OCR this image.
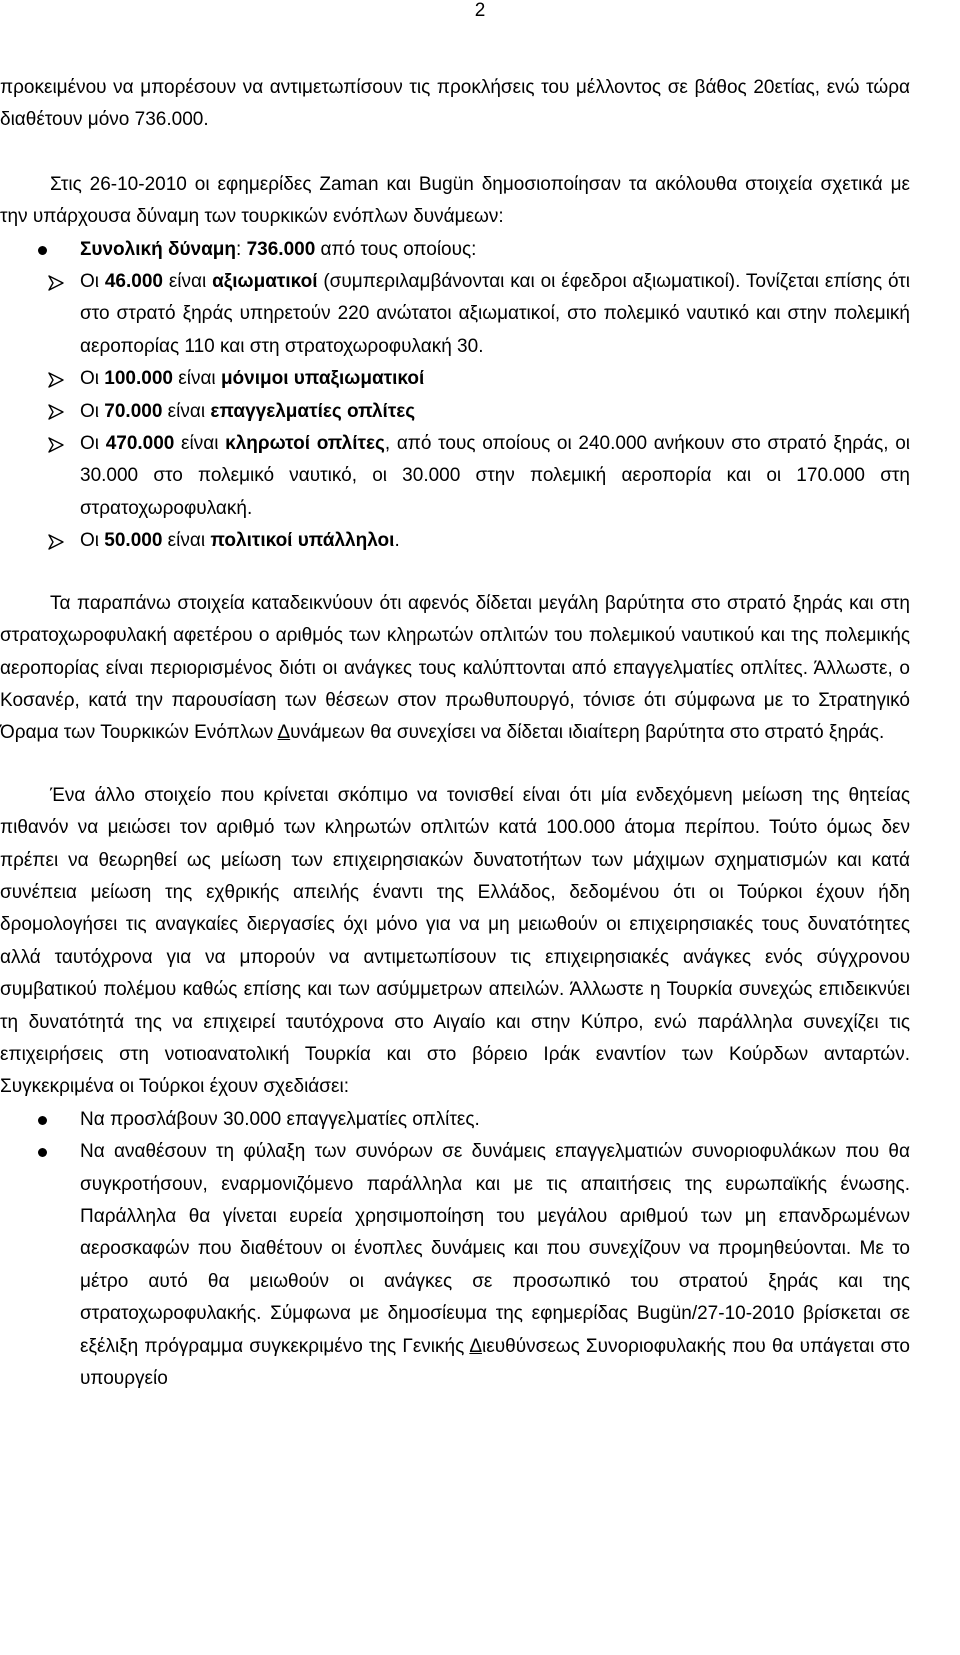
2

προκειμένου να μπορέσουν να αντιμετωπίσουν τις προκλήσεις του μέλλοντος σε βάθος 20ετίας, ενώ τώρα διαθέτουν μόνο 736.000.

Στις 26-10-2010 οι εφημερίδες Zaman και Bugün δημοσιοποίησαν τα ακόλουθα στοιχεία σχετικά με την υπάρχουσα δύναμη των τουρκικών ενόπλων δυνάμεων:

Συνολική δύναμη: 736.000 από τους οποίους:
Οι 46.000 είναι αξιωματικοί (συμπεριλαμβάνονται και οι έφεδροι αξιωματικοί). Τονίζεται επίσης ότι στο στρατό ξηράς υπηρετούν 220 ανώτατοι αξιωματικοί, στο πολεμικό ναυτικό και στην πολεμική αεροπορίας 110 και στη στρατοχωροφυλακή 30.
Οι 100.000 είναι μόνιμοι υπαξιωματικοί
Οι 70.000 είναι επαγγελματίες οπλίτες
Οι 470.000 είναι κληρωτοί οπλίτες, από τους οποίους οι 240.000 ανήκουν στο στρατό ξηράς, οι 30.000 στο πολεμικό ναυτικό, οι 30.000 στην πολεμική αεροπορία και οι 170.000 στη στρατοχωροφυλακή.
Οι 50.000 είναι πολιτικοί υπάλληλοι.

Τα παραπάνω στοιχεία καταδεικνύουν ότι αφενός δίδεται μεγάλη βαρύτητα στο στρατό ξηράς και στη στρατοχωροφυλακή αφετέρου ο αριθμός των κληρωτών οπλιτών του πολεμικού ναυτικού και της πολεμικής αεροπορίας είναι περιορισμένος διότι οι ανάγκες τους καλύπτονται από επαγγελματίες οπλίτες. Άλλωστε, ο Κοσανέρ, κατά την παρουσίαση των θέσεων στον πρωθυπουργό, τόνισε ότι σύμφωνα με το Στρατηγικό Όραμα των Τουρκικών Ενόπλων Δυνάμεων θα συνεχίσει να δίδεται ιδιαίτερη βαρύτητα στο στρατό ξηράς.

Ένα άλλο στοιχείο που κρίνεται σκόπιμο να τονισθεί είναι ότι μία ενδεχόμενη μείωση της θητείας πιθανόν να μειώσει τον αριθμό των κληρωτών οπλιτών κατά 100.000 άτομα περίπου. Τούτο όμως δεν πρέπει να θεωρηθεί ως μείωση των επιχειρησιακών δυνατοτήτων των μάχιμων σχηματισμών και κατά συνέπεια μείωση της εχθρικής απειλής έναντι της Ελλάδος, δεδομένου ότι οι Τούρκοι έχουν ήδη δρομολογήσει τις αναγκαίες διεργασίες όχι μόνο για να μη μειωθούν οι επιχειρησιακές τους δυνατότητες αλλά ταυτόχρονα για να μπορούν να αντιμετωπίσουν τις επιχειρησιακές ανάγκες ενός σύγχρονου συμβατικού πολέμου καθώς επίσης και των ασύμμετρων απειλών. Άλλωστε η Τουρκία συνεχώς επιδεικνύει τη δυνατότητά της να επιχειρεί ταυτόχρονα στο Αιγαίο και στην Κύπρο, ενώ παράλληλα συνεχίζει τις επιχειρήσεις στη νοτιοανατολική Τουρκία και στο βόρειο Ιράκ εναντίον των Κούρδων ανταρτών. Συγκεκριμένα οι Τούρκοι έχουν σχεδιάσει:

Να προσλάβουν 30.000 επαγγελματίες οπλίτες.
Να αναθέσουν τη φύλαξη των συνόρων σε δυνάμεις επαγγελματιών συνοριοφυλάκων που θα συγκροτήσουν, εναρμονιζόμενο παράλληλα και με τις απαιτήσεις της ευρωπαϊκής ένωσης. Παράλληλα θα γίνεται ευρεία χρησιμοποίηση του μεγάλου αριθμού των μη επανδρωμένων αεροσκαφών που διαθέτουν οι ένοπλες δυνάμεις και που συνεχίζουν να προμηθεύονται. Με το μέτρο αυτό θα μειωθούν οι ανάγκες σε προσωπικό του στρατού ξηράς και της στρατοχωροφυλακής. Σύμφωνα με δημοσίευμα της εφημερίδας Bugün/27-10-2010 βρίσκεται σε εξέλιξη πρόγραμμα συγκεκριμένο της Γενικής Διευθύνσεως Συνοριοφυλακής που θα υπάγεται στο υπουργείο
